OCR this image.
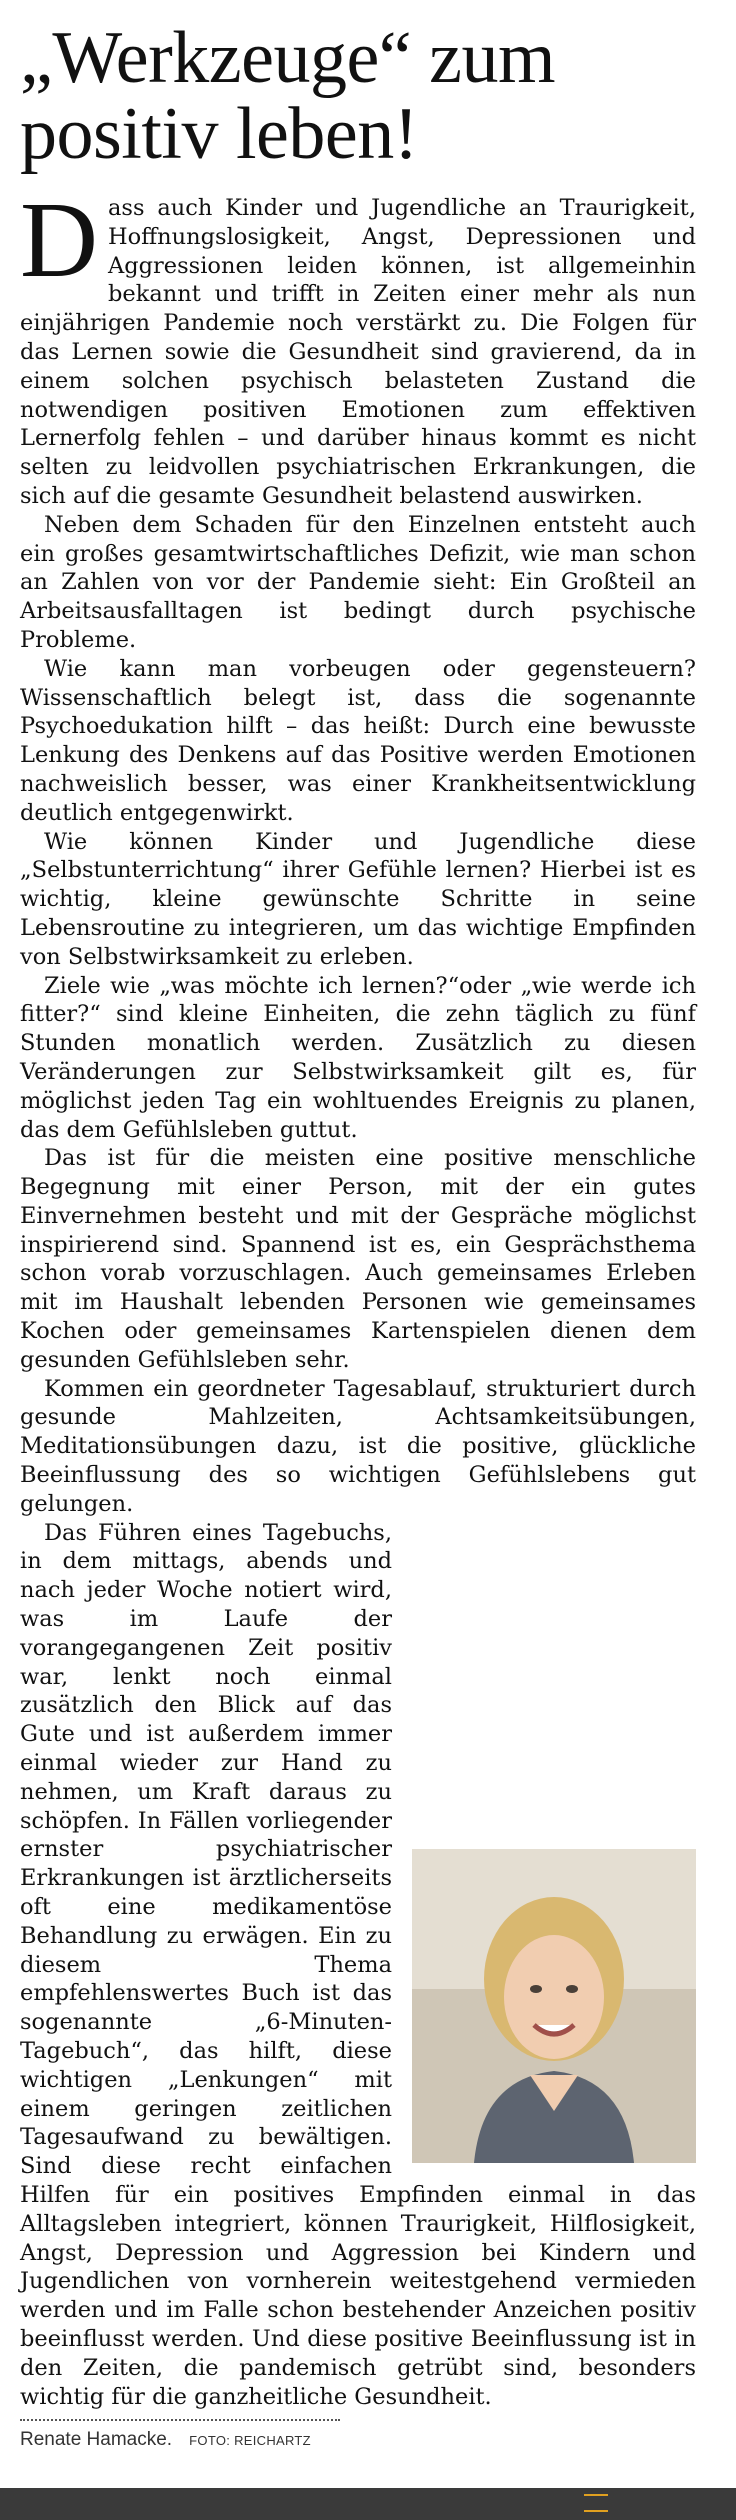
„Werkzeuge“ zum
positiv leben!

Dass auch Kinder und Jugendliche an Traurigkeit, Hoffnungslosigkeit, Angst, Depressionen und Aggressionen leiden können, ist allgemeinhin bekannt und trifft in Zeiten einer mehr als nun einjährigen Pandemie noch verstärkt zu. Die Folgen für das Lernen sowie die Gesundheit sind gravierend, da in einem solchen psychisch belasteten Zustand die notwendigen positiven Emotionen zum effektiven Lernerfolg fehlen – und darüber hinaus kommt es nicht selten zu leidvollen psychiatrischen Erkrankungen, die sich auf die gesamte Gesundheit belastend auswirken.

Neben dem Schaden für den Einzelnen entsteht auch ein großes gesamtwirtschaftliches Defizit, wie man schon an Zahlen von vor der Pandemie sieht: Ein Großteil an Arbeitsausfalltagen ist bedingt durch psychische Probleme.

Wie kann man vorbeugen oder gegensteuern? Wissenschaftlich belegt ist, dass die sogenannte Psychoedukation hilft – das heißt: Durch eine bewusste Lenkung des Denkens auf das Positive werden Emotionen nachweislich besser, was einer Krankheitsentwicklung deutlich entgegenwirkt.

Wie können Kinder und Jugendliche diese „Selbstunterrichtung“ ihrer Gefühle lernen? Hierbei ist es wichtig, kleine gewünschte Schritte in seine Lebensroutine zu integrieren, um das wichtige Empfinden von Selbstwirksamkeit zu erleben.

Ziele wie „was möchte ich lernen?“oder „wie werde ich fitter?“ sind kleine Einheiten, die zehn täglich zu fünf Stunden monatlich werden. Zusätzlich zu diesen Veränderungen zur Selbstwirksamkeit gilt es, für möglichst jeden Tag ein wohltuendes Ereignis zu planen, das dem Gefühlsleben guttut.

Das ist für die meisten eine positive menschliche Begegnung mit einer Person, mit der ein gutes Einvernehmen besteht und mit der Gespräche möglichst inspirierend sind. Spannend ist es, ein Gesprächsthema schon vorab vorzuschlagen. Auch gemeinsames Erleben mit im Haushalt lebenden Personen wie gemeinsames Kochen oder gemeinsames Kartenspielen dienen dem gesunden Gefühlsleben sehr.

Kommen ein geordneter Tagesablauf, strukturiert durch gesunde Mahlzeiten, Achtsamkeitsübungen, Meditationsübungen dazu, ist die positive, glückliche Beeinflussung des so wichtigen Gefühlslebens gut gelungen.

Das Führen eines Tagebuchs, in dem mittags, abends und nach jeder Woche notiert wird, was im Laufe der vorangegangenen Zeit positiv war, lenkt noch einmal zusätzlich den Blick auf das Gute und ist außerdem immer einmal wieder zur Hand zu nehmen, um Kraft daraus zu schöpfen. In Fällen vorliegender ernster psychiatrischer Erkrankungen ist ärztlicherseits oft eine medikamentöse Behandlung zu erwägen. Ein zu diesem Thema empfehlenswertes Buch ist das sogenannte „6-Minuten-Tagebuch“, das hilft, diese wichtigen „Lenkungen“ mit einem geringen zeitlichen Tagesaufwand zu bewältigen. Sind diese recht einfachen Hilfen für ein positives Empfinden einmal in das Alltagsleben integriert, können Traurigkeit, Hilflosigkeit, Angst, Depression und Aggression bei Kindern und Jugendlichen von vornherein weitestgehend vermieden werden und im Falle schon bestehender Anzeichen positiv beeinflusst werden. Und diese positive Beeinflussung ist in den Zeiten, die pandemisch getrübt sind, besonders wichtig für die ganzheitliche Gesundheit.

Renate Hamacke. FOTO: REICHARTZ
